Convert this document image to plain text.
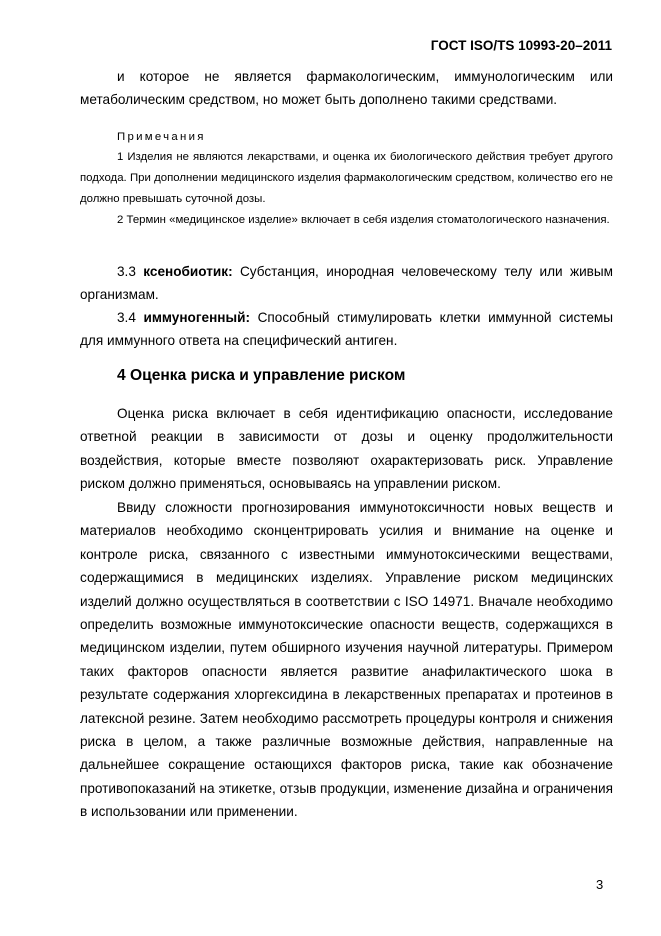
ГОСТ ISO/TS 10993-20–2011
и которое не является фармакологическим, иммунологическим или метаболическим средством, но может быть дополнено такими средствами.
Примечания
1 Изделия не являются лекарствами, и оценка их биологического действия требует другого подхода. При дополнении медицинского изделия фармакологическим средством, количество его не должно превышать суточной дозы.
2 Термин «медицинское изделие» включает в себя изделия стоматологического назначения.
3.3 ксенобиотик: Субстанция, инородная человеческому телу или живым организмам.
3.4 иммуногенный: Способный стимулировать клетки иммунной системы для иммунного ответа на специфический антиген.
4 Оценка риска и управление риском
Оценка риска включает в себя идентификацию опасности, исследование ответной реакции в зависимости от дозы и оценку продолжительности воздействия, которые вместе позволяют охарактеризовать риск. Управление риском должно применяться, основываясь на управлении риском.
Ввиду сложности прогнозирования иммунотоксичности новых веществ и материалов необходимо сконцентрировать усилия и внимание на оценке и контроле риска, связанного с известными иммунотоксическими веществами, содержащимися в медицинских изделиях. Управление риском медицинских изделий должно осуществляться в соответствии с ISO 14971. Вначале необходимо определить возможные иммунотоксические опасности веществ, содержащихся в медицинском изделии, путем обширного изучения научной литературы. Примером таких факторов опасности является развитие анафилактического шока в результате содержания хлоргексидина в лекарственных препаратах и протеинов в латексной резине. Затем необходимо рассмотреть процедуры контроля и снижения риска в целом, а также различные возможные действия, направленные на дальнейшее сокращение остающихся факторов риска, такие как обозначение противопоказаний на этикетке, отзыв продукции, изменение дизайна и ограничения в использовании или применении.
3
